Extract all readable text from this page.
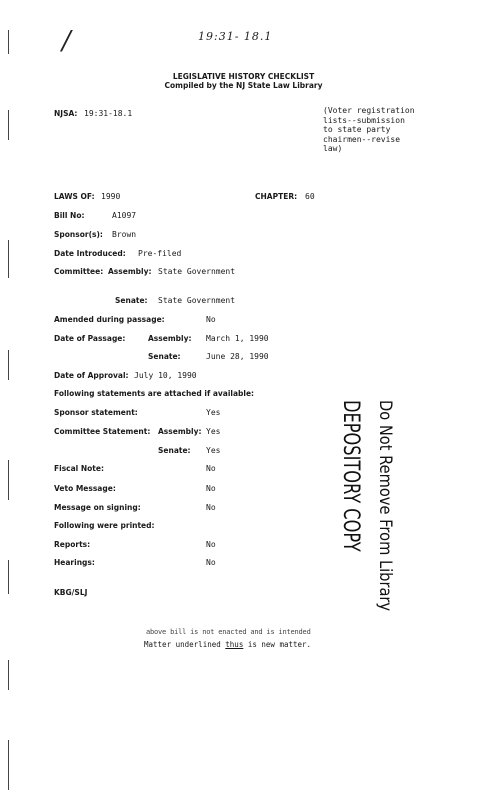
/	19:31- 18.1
LEGISLATIVE HISTORY CHECKLIST
Compiled by the NJ State Law Library
NJSA: 19:31-18.1	(Voter registration lists--submission to state party chairmen--revise law)
LAWS OF: 1990	CHAPTER: 60
Bill No:	A1097
Sponsor(s): Brown
Date Introduced: Pre-filed
Committee: Assembly: State Government
Senate: State Government
Amended during passage:	No
Date of Passage:	Assembly: March 1, 1990
Senate:	June 28, 1990
Date of Approval: July 10, 1990
Following statements are attached if available:
Sponsor statement:	Yes
Committee Statement: Assembly: Yes
Senate: Yes
Fiscal Note:	No
Veto Message:	No
Message on signing:	No
Following were printed:
Reports:	No
Hearings:	No
KBG/SLJ
DEPOSITORY COPY Do Not Remove From Library
above bill is not enacted and is intended
Matter underlined thus is new matter.
